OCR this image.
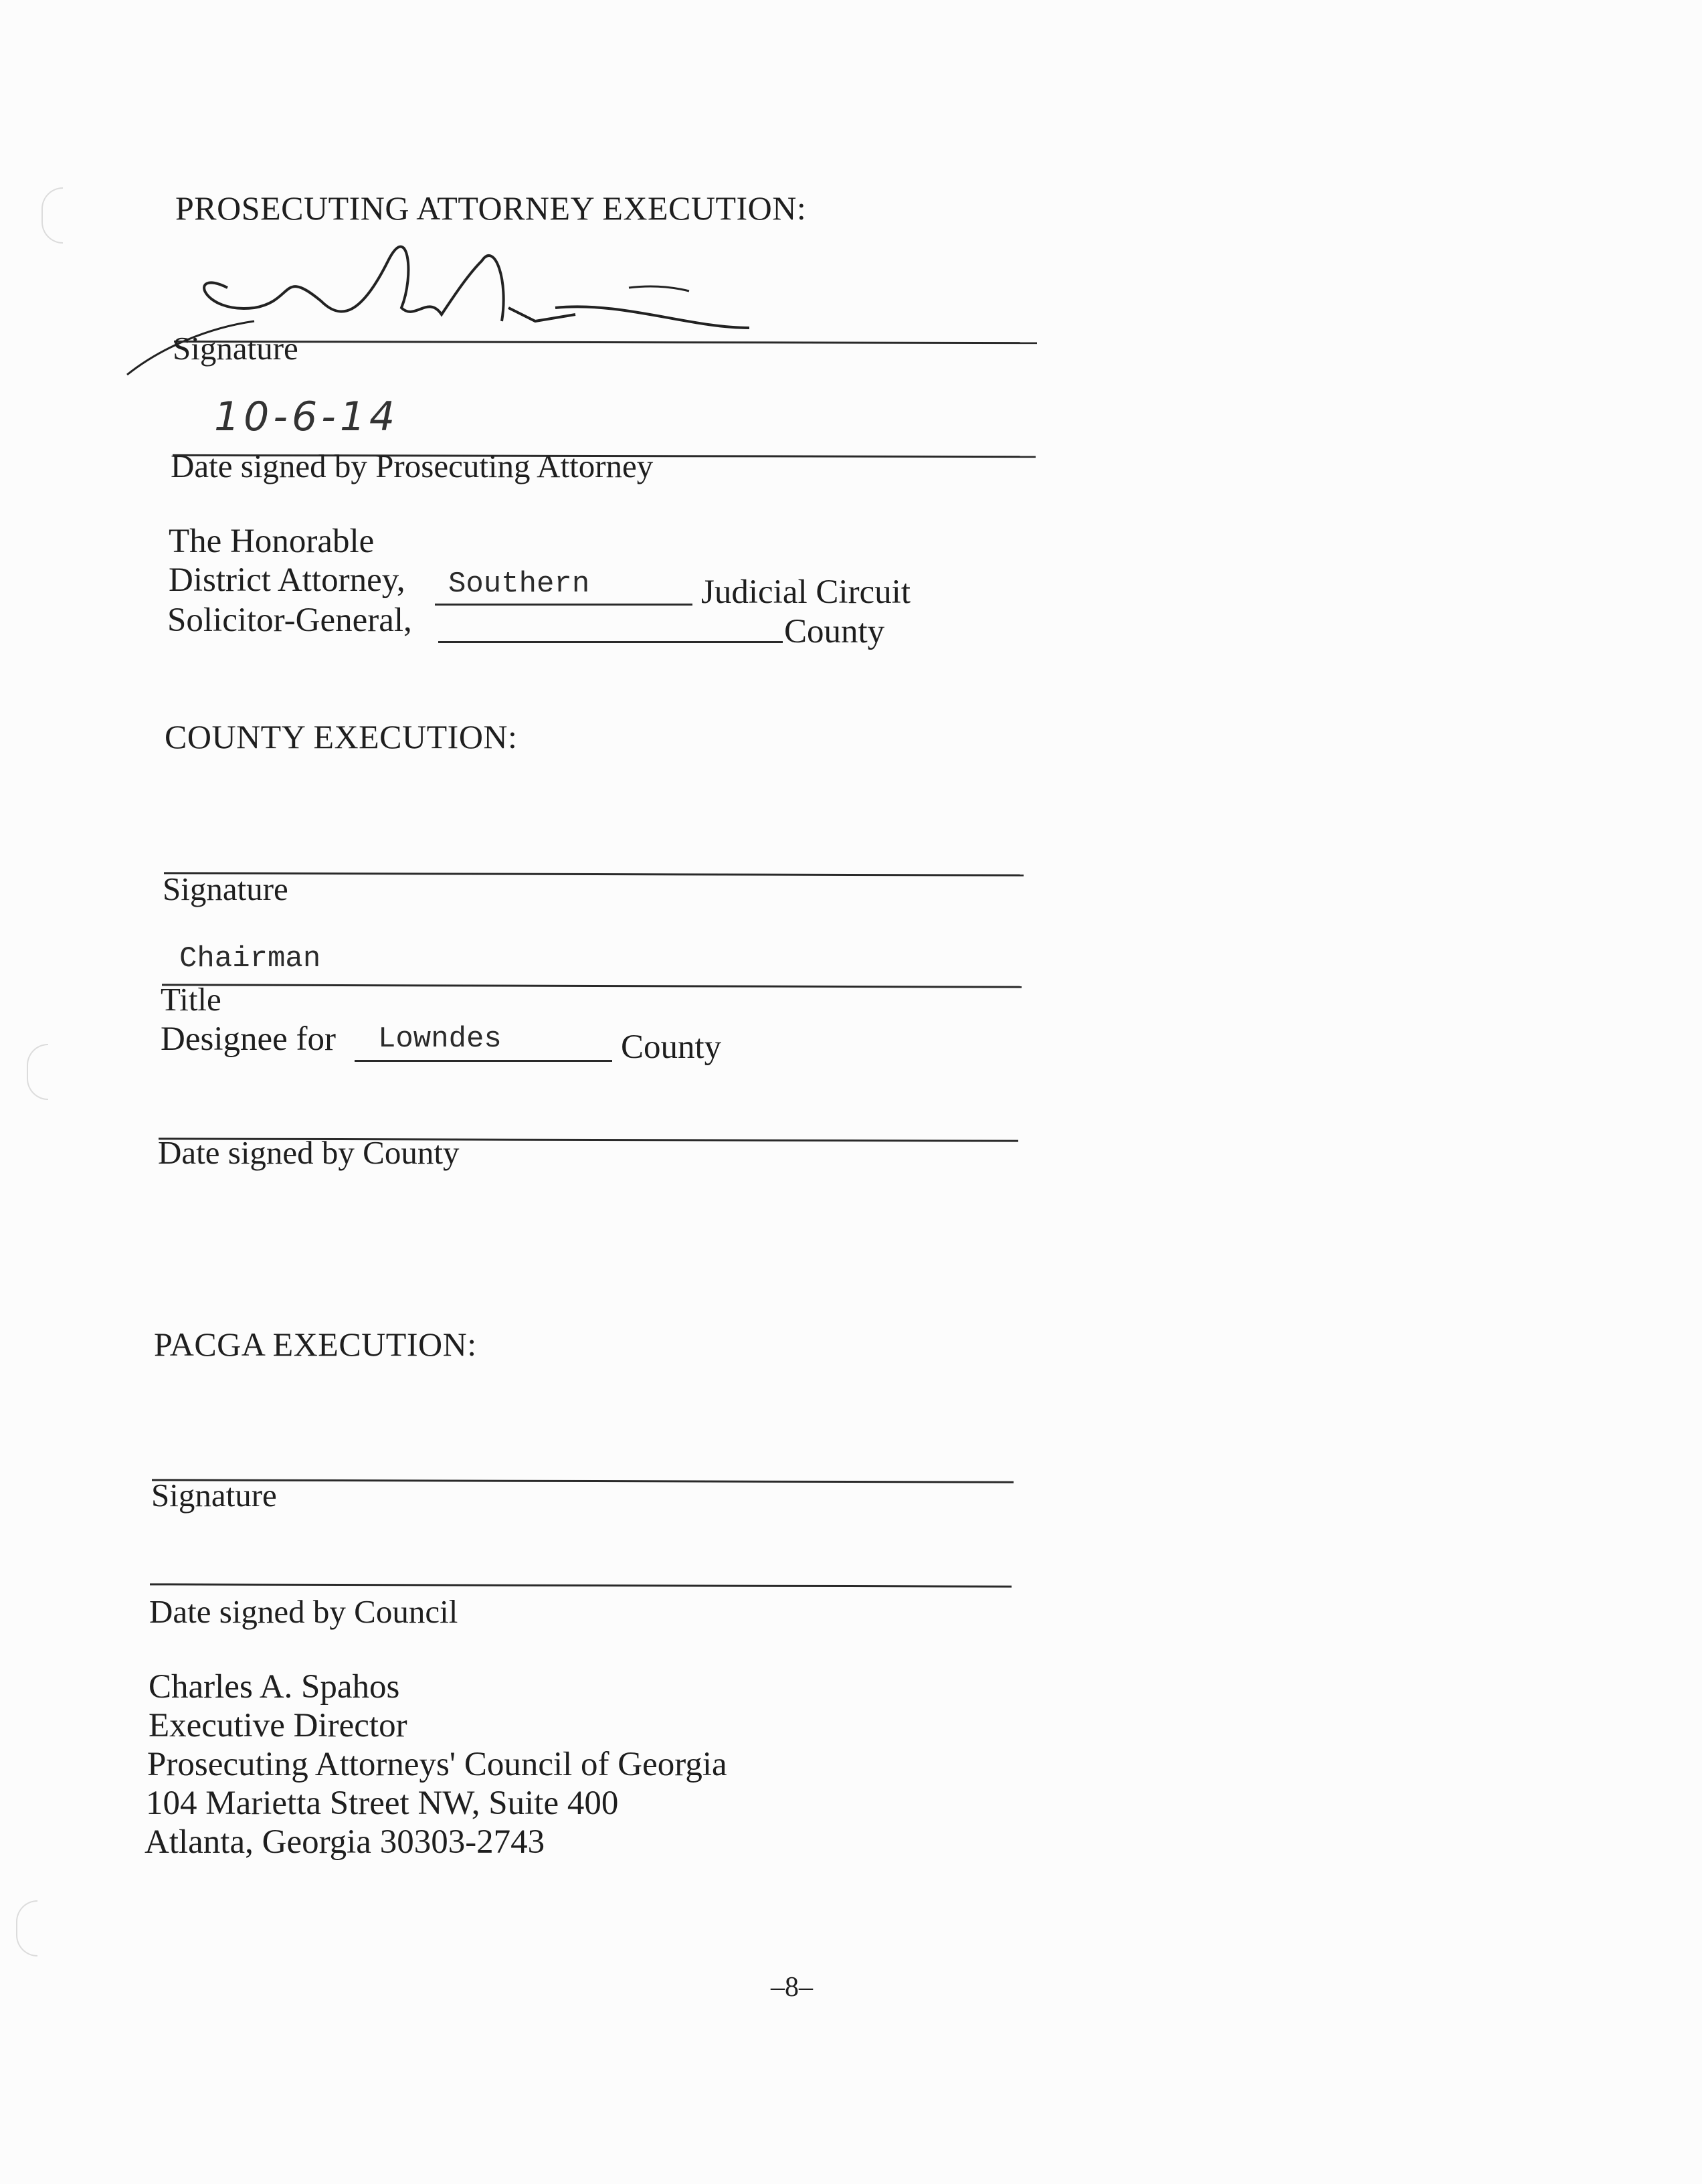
PROSECUTING ATTORNEY EXECUTION:
Signature
10-6-14
Date signed by Prosecuting Attorney
The Honorable
District Attorney, Southern	Judicial Circuit
Solicitor-General,	County
COUNTY EXECUTION:
Signature
Chairman
Title
Designee for Lowndes	County
Date signed by County
PACGA EXECUTION:
Signature
Date signed by Council
Charles A. Spahos
Executive Director
Prosecuting Attorneys' Council of Georgia
104 Marietta Street NW, Suite 400
Atlanta, Georgia 30303-2743
–8–
